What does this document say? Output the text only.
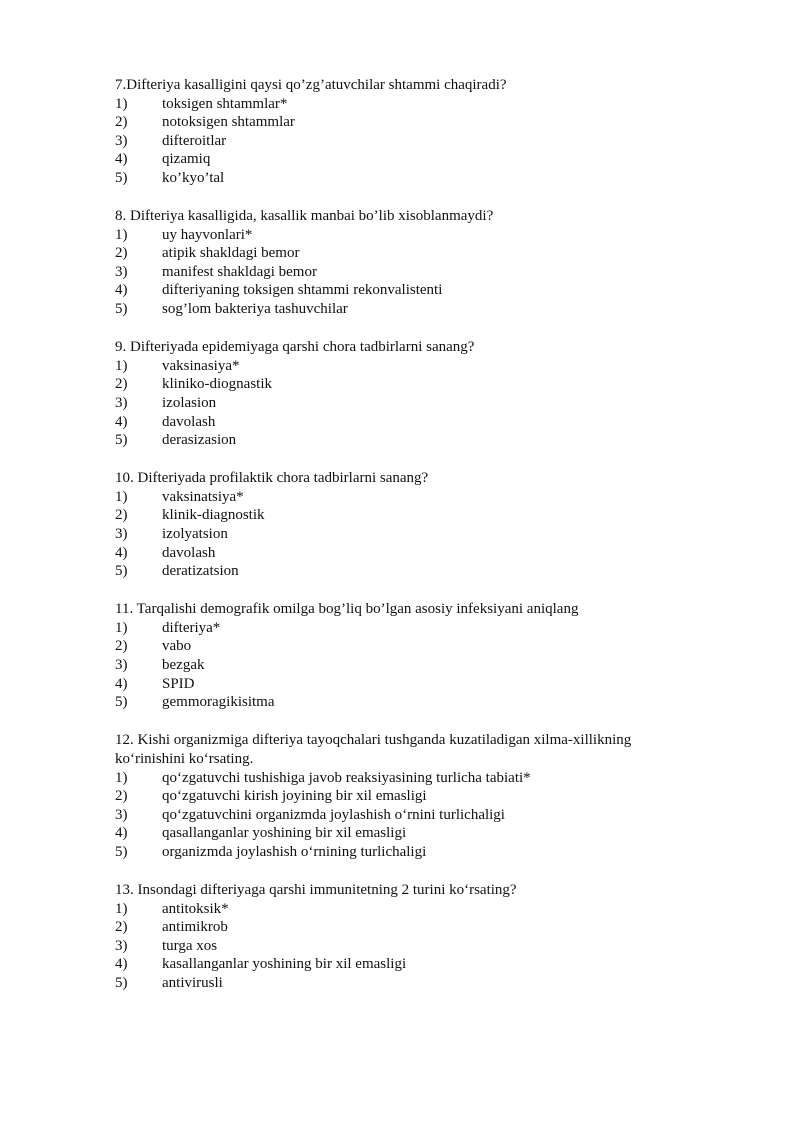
7.Difteriya kasalligini qaysi qo’zg’atuvchilar shtammi chaqiradi?

1)	toksigen shtammlar*
2)	notoksigen shtammlar
3)	difteroitlar
4)	qizamiq
5)	ko’kyo’tal

8. Difteriya kasalligida, kasallik manbai bo’lib xisoblanmaydi?

1)	uy hayvonlari*
2)	atipik shakldagi bemor
3)	manifest shakldagi bemor
4)	difteriyaning toksigen shtammi rekonvalistenti
5)	sog’lom bakteriya tashuvchilar

9. Difteriyada epidemiyaga qarshi chora tadbirlarni sanang?

1)	vaksinasiya*
2)	kliniko-diognastik
3)	izolasion
4)	davolash
5)	derasizasion

10. Difteriyada profilaktik chora tadbirlarni sanang?

1)	vaksinatsiya*
2)	klinik-diagnostik
3)	izolyatsion
4)	davolash
5)	deratizatsion

11. Tarqalishi demografik omilga bog’liq bo’lgan asosiy infeksiyani aniqlang

1)	difteriya*
2)	vabo
3)	bezgak
4)	SPID
5)	gemmoragikisitma

12. Kishi organizmiga difteriya tayoqchalari tushganda kuzatiladigan xilma-xillikning ko‘rinishini ko‘rsating.

1)	qo‘zgatuvchi tushishiga javob reaksiyasining turlicha tabiati*
2)	qo‘zgatuvchi kirish joyining bir xil emasligi
3)	qo‘zgatuvchini organizmda joylashish o‘rnini turlichaligi
4)	qasallanganlar yoshining bir xil emasligi
5)	organizmda joylashish o‘rnining turlichaligi

13. Insondagi difteriyaga qarshi immunitetning 2 turini ko‘rsating?

1)	antitoksik*
2)	antimikrob
3)	turga xos
4)	kasallanganlar yoshining bir xil emasligi
5)	antivirusli
